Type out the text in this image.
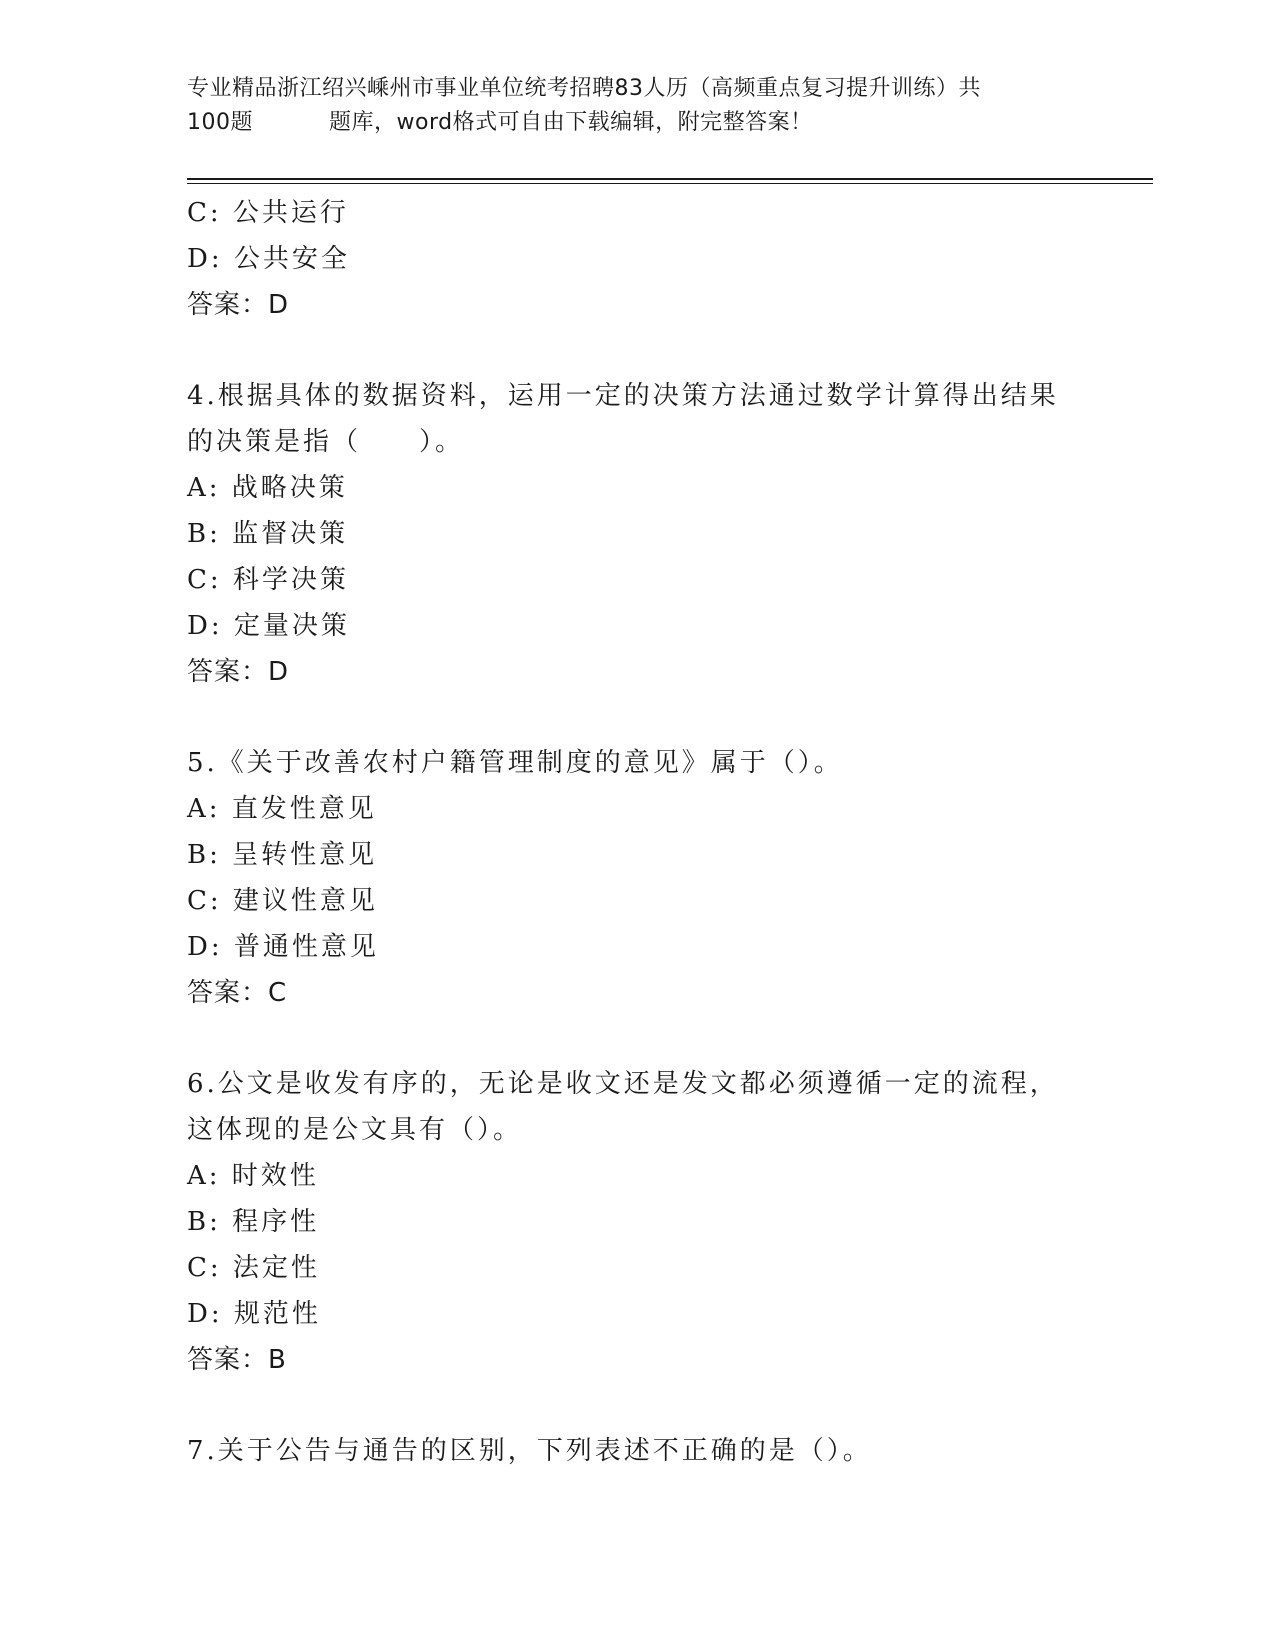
专业精品浙江绍兴嵊州市事业单位统考招聘83人历（高频重点复习提升训练）共
100题	题库，word格式可自由下载编辑，附完整答案！
C: 公共运行
D: 公共安全
答案：D
4.根据具体的数据资料，运用一定的决策方法通过数学计算得出结果
的决策是指（　　）。
A: 战略决策
B: 监督决策
C: 科学决策
D: 定量决策
答案：D
5.《关于改善农村户籍管理制度的意见》属于（）。
A: 直发性意见
B: 呈转性意见
C: 建议性意见
D: 普通性意见
答案：C
6.公文是收发有序的，无论是收文还是发文都必须遵循一定的流程，
这体现的是公文具有（）。
A: 时效性
B: 程序性
C: 法定性
D: 规范性
答案：B
7.关于公告与通告的区别，下列表述不正确的是（）。
